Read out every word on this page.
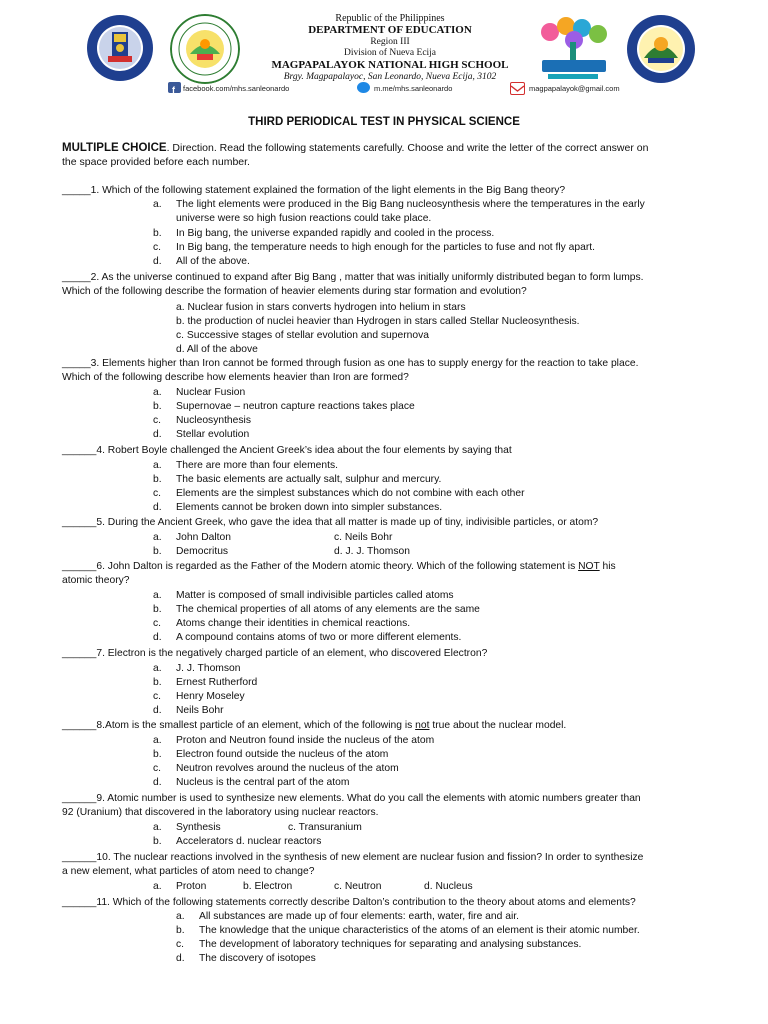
Republic of the Philippines
DEPARTMENT OF EDUCATION
Region III
Division of Nueva Ecija
MAGPAPALAYOK NATIONAL HIGH SCHOOL
Brgy. Magpapalayoc, San Leonardo, Nueva Ecija, 3102
f facebook.com/mhs.sanleonardo	m.me/mhs.sanleonardo	magpapalayok@gmail.com
THIRD PERIODICAL TEST IN PHYSICAL SCIENCE
MULTIPLE CHOICE. Direction. Read the following statements carefully. Choose and write the letter of the correct answer on
the space provided before each number.
_____1. Which of the following statement explained the formation of the light elements in the Big Bang theory?
a. The light elements were produced in the Big Bang nucleosynthesis where the temperatures in the early
universe were so high fusion reactions could take place.
b. In Big bang, the universe expanded rapidly and cooled in the process.
c. In Big bang, the temperature needs to high enough for the particles to fuse and not fly apart.
d. All of the above.
_____2. As the universe continued to expand after Big Bang , matter that was initially uniformly distributed began to form lumps.
Which of the following describe the formation of heavier elements during star formation and evolution?
a. Nuclear fusion in stars converts hydrogen into helium in stars
b. the production of nuclei heavier than Hydrogen in stars called Stellar Nucleosynthesis.
c. Successive stages of stellar evolution and supernova
d. All of the above
_____3. Elements higher than Iron cannot be formed through fusion as one has to supply energy for the reaction to take place.
Which of the following describe how elements heavier than Iron are formed?
a. Nuclear Fusion
b. Supernovae – neutron capture reactions takes place
c. Nucleosynthesis
d. Stellar evolution
______4. Robert Boyle challenged the Ancient Greek’s idea about the four elements by saying that
a. There are more than four elements.
b. The basic elements are actually salt, sulphur and mercury.
c. Elements are the simplest substances which do not combine with each other
d. Elements cannot be broken down into simpler substances.
______5. During the Ancient Greek, who gave the idea that all matter is made up of tiny, indivisible particles, or atom?
a. John Dalton	c. Neils Bohr
b. Democritus	d. J. J. Thomson
______6. John Dalton is regarded as the Father of the Modern atomic theory. Which of the following statement is NOT his
atomic theory?
a. Matter is composed of small indivisible particles called atoms
b. The chemical properties of all atoms of any elements are the same
c. Atoms change their identities in chemical reactions.
d. A compound contains atoms of two or more different elements.
______7. Electron is the negatively charged particle of an element, who discovered Electron?
a. J. J. Thomson
b. Ernest Rutherford
c. Henry Moseley
d. Neils Bohr
______8.Atom is the smallest particle of an element, which of the following is not true about the nuclear model.
a. Proton and Neutron found inside the nucleus of the atom
b. Electron found outside the nucleus of the atom
c. Neutron revolves around the nucleus of the atom
d. Nucleus is the central part of the atom
______9. Atomic number is used to synthesize new elements. What do you call the elements with atomic numbers greater than
92 (Uranium) that discovered in the laboratory using nuclear reactors.
a. Synthesis	c. Transuranium
b. Accelerators d. nuclear reactors
______10. The nuclear reactions involved in the synthesis of new element are nuclear fusion and fission? In order to synthesize
a new element, what particles of atom need to change?
a. Proton	b. Electron	c. Neutron	d. Nucleus
______11. Which of the following statements correctly describe Dalton’s contribution to the theory about atoms and elements?
a. All substances are made up of four elements: earth, water, fire and air.
b. The knowledge that the unique characteristics of the atoms of an element is their atomic number.
c. The development of laboratory techniques for separating and analysing substances.
d. The discovery of isotopes
